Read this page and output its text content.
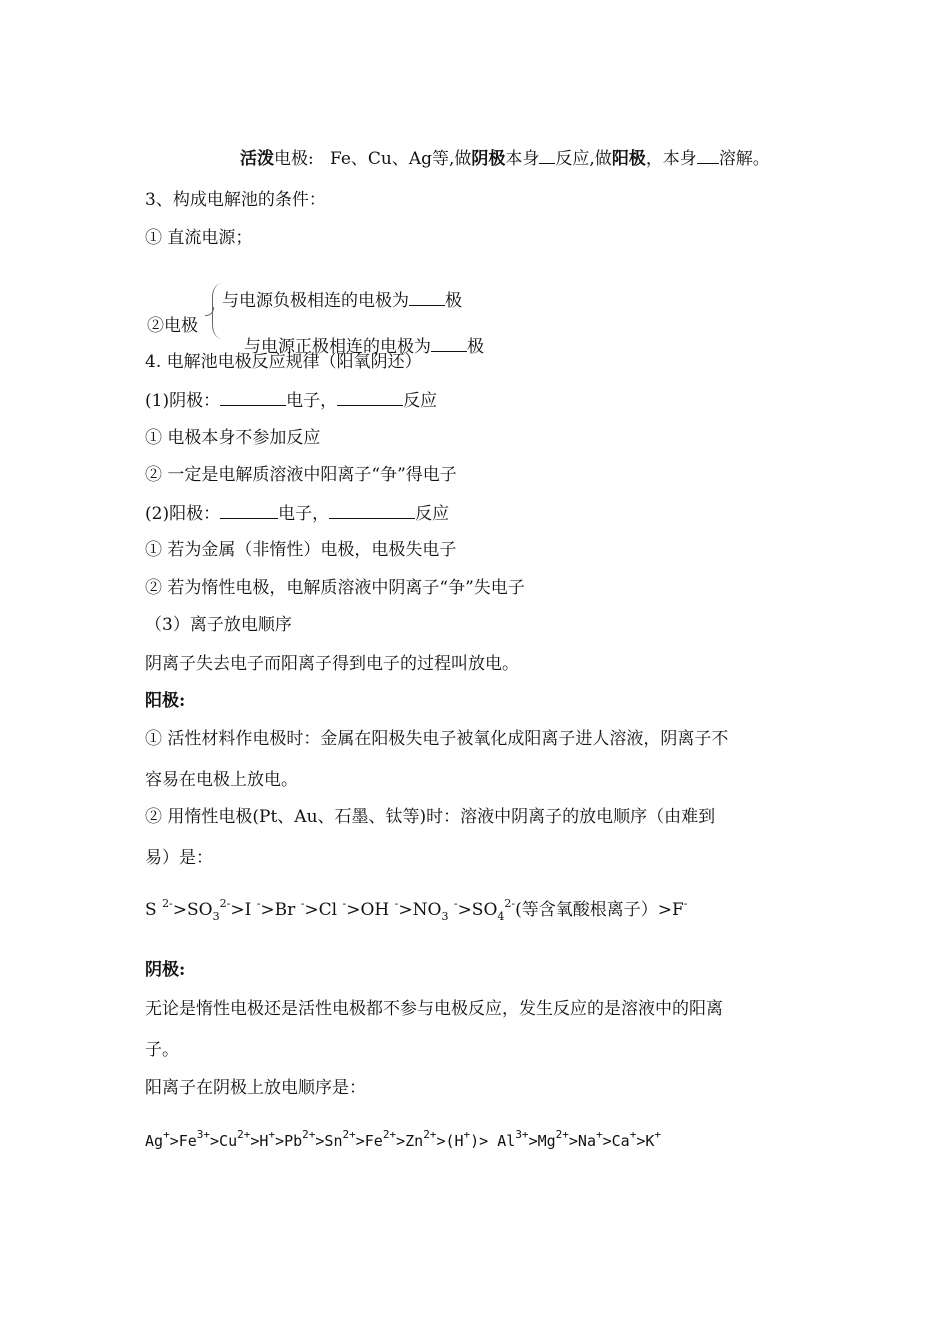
活泼电极: Fe、Cu、Ag等,做阴极本身 反应,做阳极，本身 溶解。
3、构成电解池的条件：
① 直流电源；
②电极
与电源负极相连的电极为 极
与电源正极相连的电极为 极
4. 电解池电极反应规律（阳氧阴还）
(1)阴极：	电子，	反应
① 电极本身不参加反应
② 一定是电解质溶液中阳离子“争”得电子
(2)阳极：	电子，	反应
① 若为金属（非惰性）电极，电极失电子
② 若为惰性电极，电解质溶液中阴离子“争”失电子
（3）离子放电顺序
阴离子失去电子而阳离子得到电子的过程叫放电。
阳极:
① 活性材料作电极时：金属在阳极失电子被氧化成阳离子进人溶液，阴离子不
容易在电极上放电。
② 用惰性电极(Pt、Au、石墨、钛等)时：溶液中阴离子的放电顺序（由难到
易）是：
S $^{2-}>SO_3^{2-}>I$ ->Br ->Cl ->OH $^->NO_3$ $^->SO_4^{2-}$(等含氧酸根离子）>F-
阴极:
无论是惰性电极还是活性电极都不参与电极反应，发生反应的是溶液中的阳离
子。
阳离子在阴极上放电顺序是：
$Ag^+>Fe^{3+}>Cu^{2+}>H^+>Pb^{2+}>Sn^{2+}>Fe^{2+}>Zn^{2+}>(H^+)> Al^{3+}>Mg^{2+}>Na^+>Ca^+>K^+$
